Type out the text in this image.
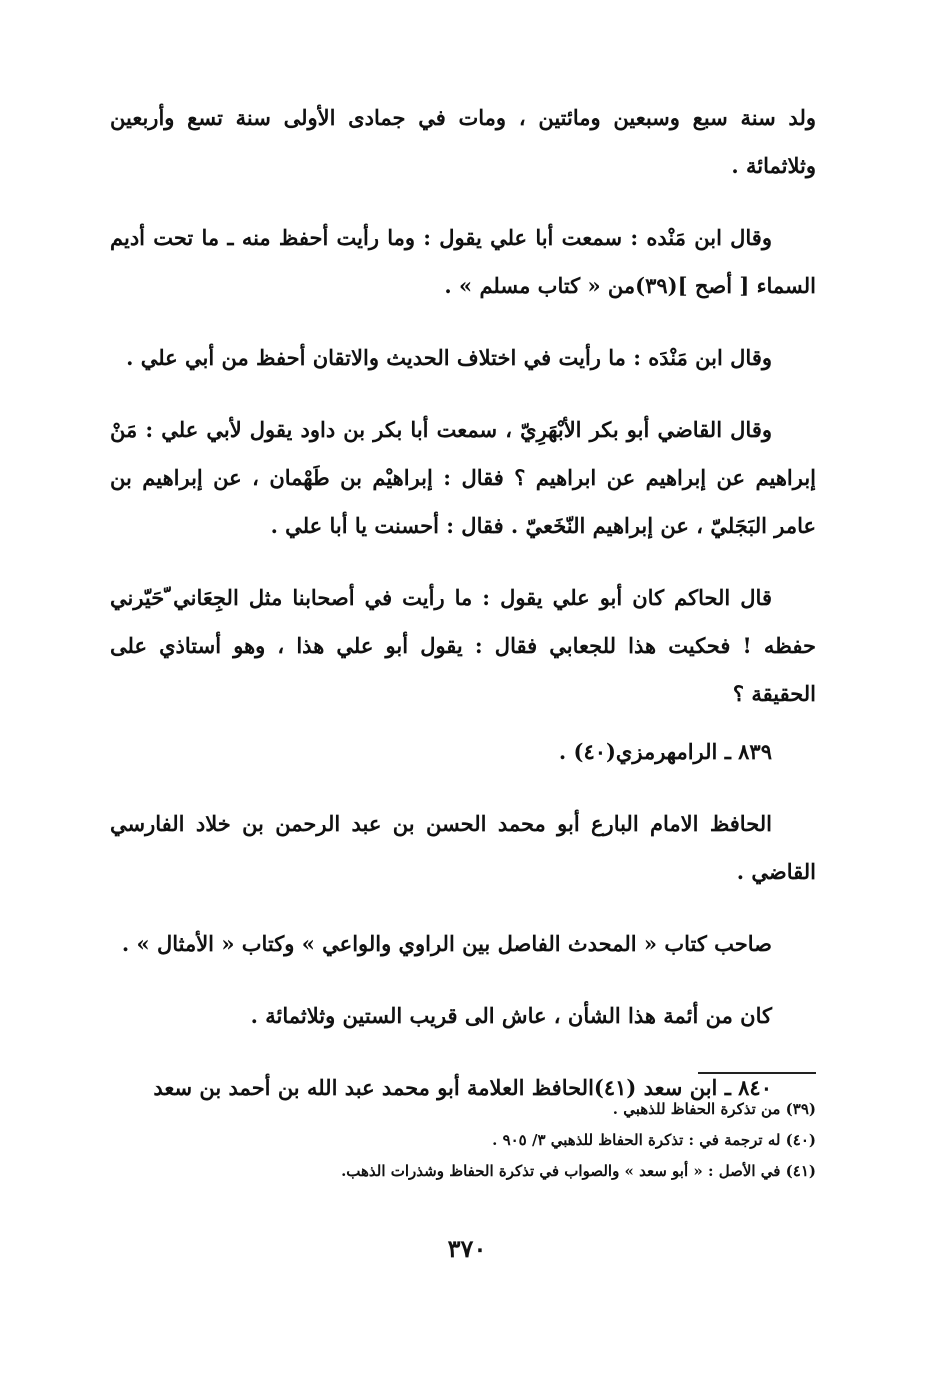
ولد سنة سبع وسبعين ومائتين ، ومات في جمادى الأولى سنة تسع وأربعين وثلاثمائة .

وقال ابن مَنْده : سمعت أبا علي يقول : وما رأيت أحفظ منه ـ ما تحت أديم السماء [ أصح ](٣٩)من « كتاب مسلم » .

وقال ابن مَنْدَه : ما رأيت في اختلاف الحديث والاتقان أحفظ من أبي علي .

وقال القاضي أبو بكر الأبْهَرِيّ ، سمعت أبا بكر بن داود يقول لأبي علي : مَنْ إبراهيم عن إبراهيم عن ابراهيم ؟ فقال : إبراهيْم بن طَهْمان ، عن إبراهيم بن عامر البَجَليّ ، عن إبراهيم النّخَعيّ . فقال : أحسنت يا أبا علي .

قال الحاكم كان أبو علي يقول : ما رأيت في أصحابنا مثل الجِعَاني ّحَيّرني حفظه ! فحكيت هذا للجعابي فقال : يقول أبو علي هذا ، وهو أستاذي على الحقيقة ؟

٨٣٩ ـ الرامهرمزي(٤٠) .

الحافظ الامام البارع أبو محمد الحسن بن عبد الرحمن بن خلاد الفارسي القاضي .

صاحب كتاب « المحدث الفاصل بين الراوي والواعي » وكتاب « الأمثال » .

كان من أئمة هذا الشأن ، عاش الى قريب الستين وثلاثمائة .

٨٤٠ ـ ابن سعد (٤١)الحافظ العلامة أبو محمد عبد الله بن أحمد بن سعد

(٣٩) من تذكرة الحفاظ للذهبي .

(٤٠) له ترجمة في : تذكرة الحفاظ للذهبي ٣/ ٩٠٥ .

(٤١) في الأصل : « أبو سعد » والصواب في تذكرة الحفاظ وشذرات الذهب.

٣٧٠
